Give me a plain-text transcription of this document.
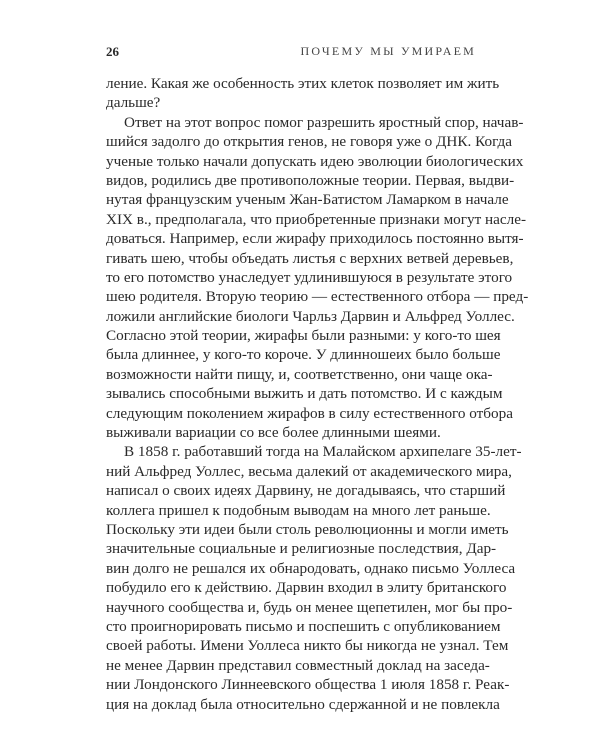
26	ПОЧЕМУ МЫ УМИРАЕМ
ление. Какая же особенность этих клеток позволяет им жить
дальше?
Ответ на этот вопрос помог разрешить яростный спор, начав-
шийся задолго до открытия генов, не говоря уже о ДНК. Когда
ученые только начали допускать идею эволюции биологических
видов, родились две противоположные теории. Первая, выдви-
нутая французским ученым Жан-Батистом Ламарком в начале
XIX в., предполагала, что приобретенные признаки могут насле-
доваться. Например, если жирафу приходилось постоянно вытя-
гивать шею, чтобы объедать листья с верхних ветвей деревьев,
то его потомство унаследует удлинившуюся в результате этого
шею родителя. Вторую теорию — естественного отбора — пред-
ложили английские биологи Чарльз Дарвин и Альфред Уоллес.
Согласно этой теории, жирафы были разными: у кого-то шея
была длиннее, у кого-то короче. У длинношеих было больше
возможности найти пищу, и, соответственно, они чаще ока-
зывались способными выжить и дать потомство. И с каждым
следующим поколением жирафов в силу естественного отбора
выживали вариации со все более длинными шеями.
В 1858 г. работавший тогда на Малайском архипелаге 35-лет-
ний Альфред Уоллес, весьма далекий от академического мира,
написал о своих идеях Дарвину, не догадываясь, что старший
коллега пришел к подобным выводам на много лет раньше.
Поскольку эти идеи были столь революционны и могли иметь
значительные социальные и религиозные последствия, Дар-
вин долго не решался их обнародовать, однако письмо Уоллеса
побудило его к действию. Дарвин входил в элиту британского
научного сообщества и, будь он менее щепетилен, мог бы про-
сто проигнорировать письмо и поспешить с опубликованием
своей работы. Имени Уоллеса никто бы никогда не узнал. Тем
не менее Дарвин представил совместный доклад на заседа-
нии Лондонского Линнеевского общества 1 июля 1858 г. Реак-
ция на доклад была относительно сдержанной и не повлекла
